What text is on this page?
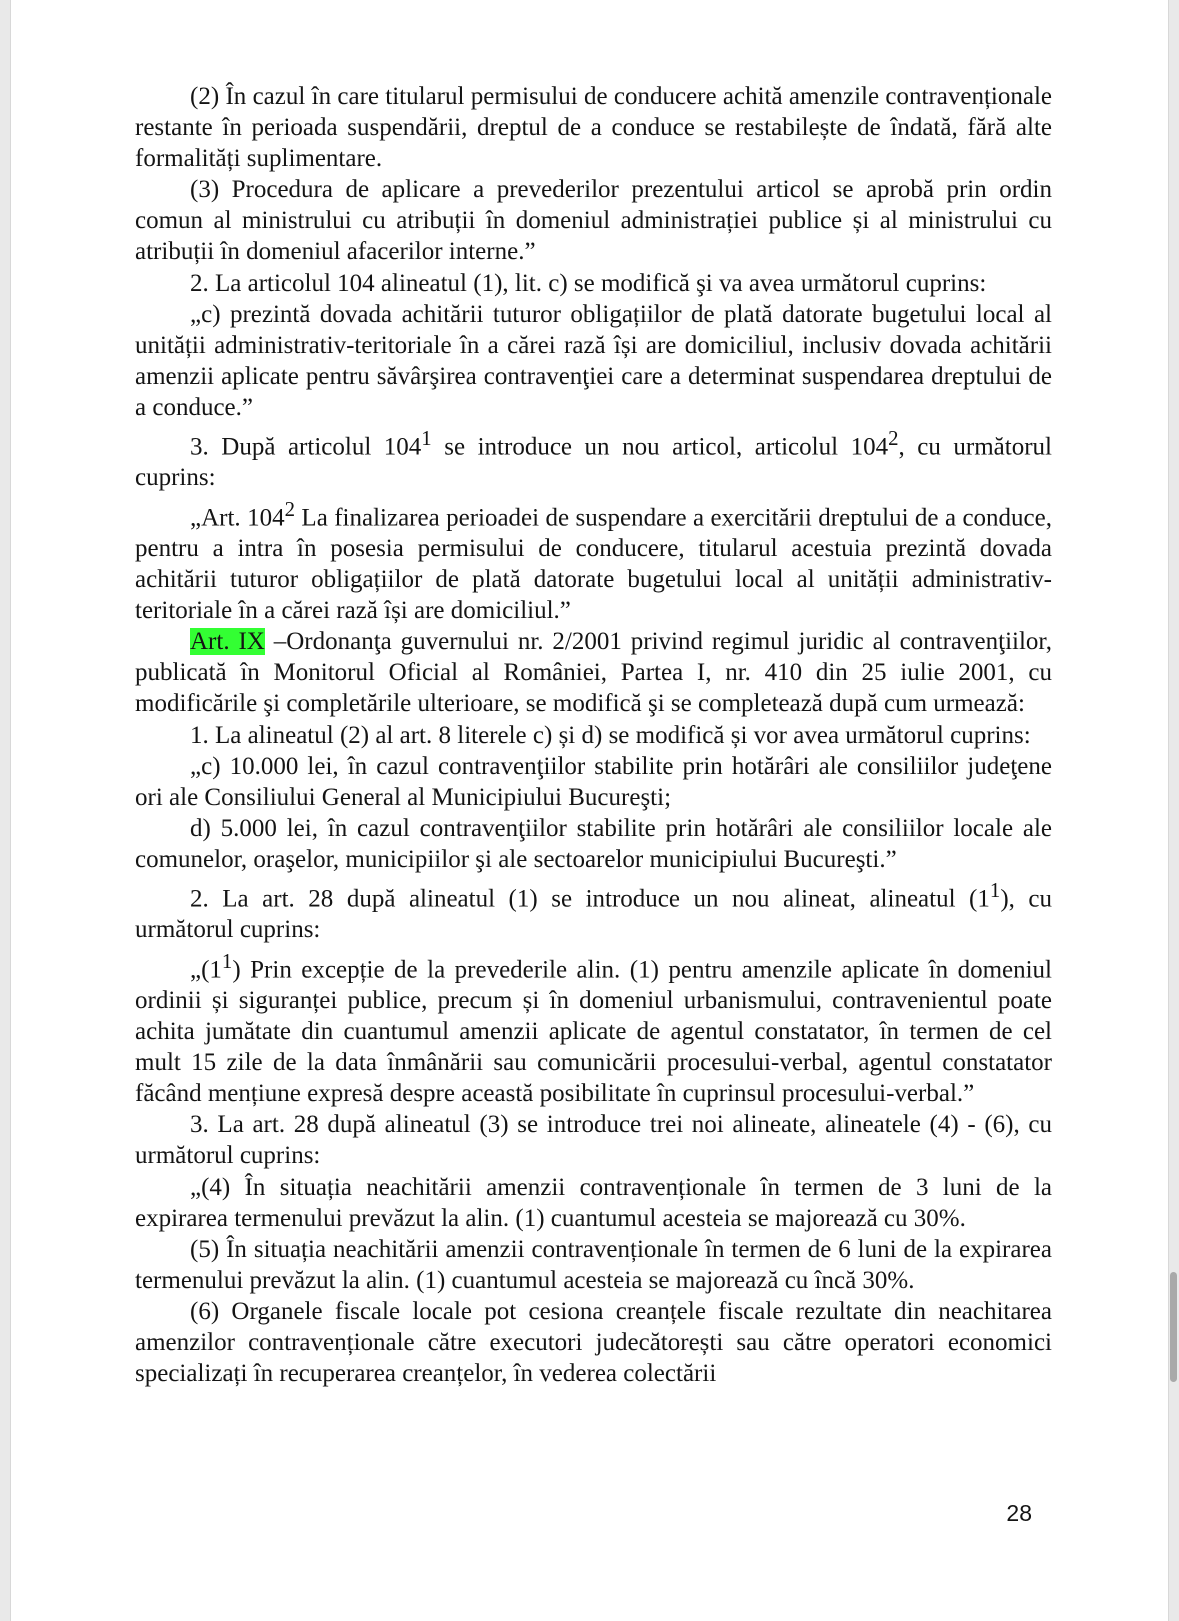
(2) În cazul în care titularul permisului de conducere achită amenzile contravenționale restante în perioada suspendării, dreptul de a conduce se restabilește de îndată, fără alte formalități suplimentare.

(3) Procedura de aplicare a prevederilor prezentului articol se aprobă prin ordin comun al ministrului cu atribuții în domeniul administrației publice și al ministrului cu atribuții în domeniul afacerilor interne.”

2. La articolul 104 alineatul (1), lit. c) se modifică şi va avea următorul cuprins:

„c) prezintă dovada achitării tuturor obligațiilor de plată datorate bugetului local al unității administrativ-teritoriale în a cărei rază își are domiciliul, inclusiv dovada achitării amenzii aplicate pentru săvârşirea contravenţiei care a determinat suspendarea dreptului de a conduce.”

3. După articolul $104^1$ se introduce un nou articol, articolul $104^2$, cu următorul cuprins:

„Art. $104^2$ La finalizarea perioadei de suspendare a exercitării dreptului de a conduce, pentru a intra în posesia permisului de conducere, titularul acestuia prezintă dovada achitării tuturor obligațiilor de plată datorate bugetului local al unității administrativ-teritoriale în a cărei rază își are domiciliul.”

Art. IX –Ordonanţa guvernului nr. 2/2001 privind regimul juridic al contravenţiilor, publicată în Monitorul Oficial al României, Partea I, nr. 410 din 25 iulie 2001, cu modificările şi completările ulterioare, se modifică şi se completează după cum urmează:

1. La alineatul (2) al art. 8 literele c) și d) se modifică și vor avea următorul cuprins:

„c) 10.000 lei, în cazul contravenţiilor stabilite prin hotărâri ale consiliilor judeţene ori ale Consiliului General al Municipiului Bucureşti;

d) 5.000 lei, în cazul contravenţiilor stabilite prin hotărâri ale consiliilor locale ale comunelor, oraşelor, municipiilor şi ale sectoarelor municipiului Bucureşti.”

2. La art. 28 după alineatul (1) se introduce un nou alineat, alineatul $(1^1)$, cu următorul cuprins:

$„(1^1)$ Prin excepție de la prevederile alin. (1) pentru amenzile aplicate în domeniul ordinii și siguranței publice, precum și în domeniul urbanismului, contravenientul poate achita jumătate din cuantumul amenzii aplicate de agentul constatator, în termen de cel mult 15 zile de la data înmânării sau comunicării procesului-verbal, agentul constatator făcând mențiune expresă despre această posibilitate în cuprinsul procesului-verbal.”

3. La art. 28 după alineatul (3) se introduce trei noi alineate, alineatele (4) - (6), cu următorul cuprins:

„(4) În situația neachitării amenzii contravenționale în termen de 3 luni de la expirarea termenului prevăzut la alin. (1) cuantumul acesteia se majorează cu 30%.

(5) În situația neachitării amenzii contravenționale în termen de 6 luni de la expirarea termenului prevăzut la alin. (1) cuantumul acesteia se majorează cu încă 30%.

(6) Organele fiscale locale pot cesiona creanțele fiscale rezultate din neachitarea amenzilor contravenționale către executori judecătorești sau către operatori economici specializați în recuperarea creanțelor, în vederea colectării

28
